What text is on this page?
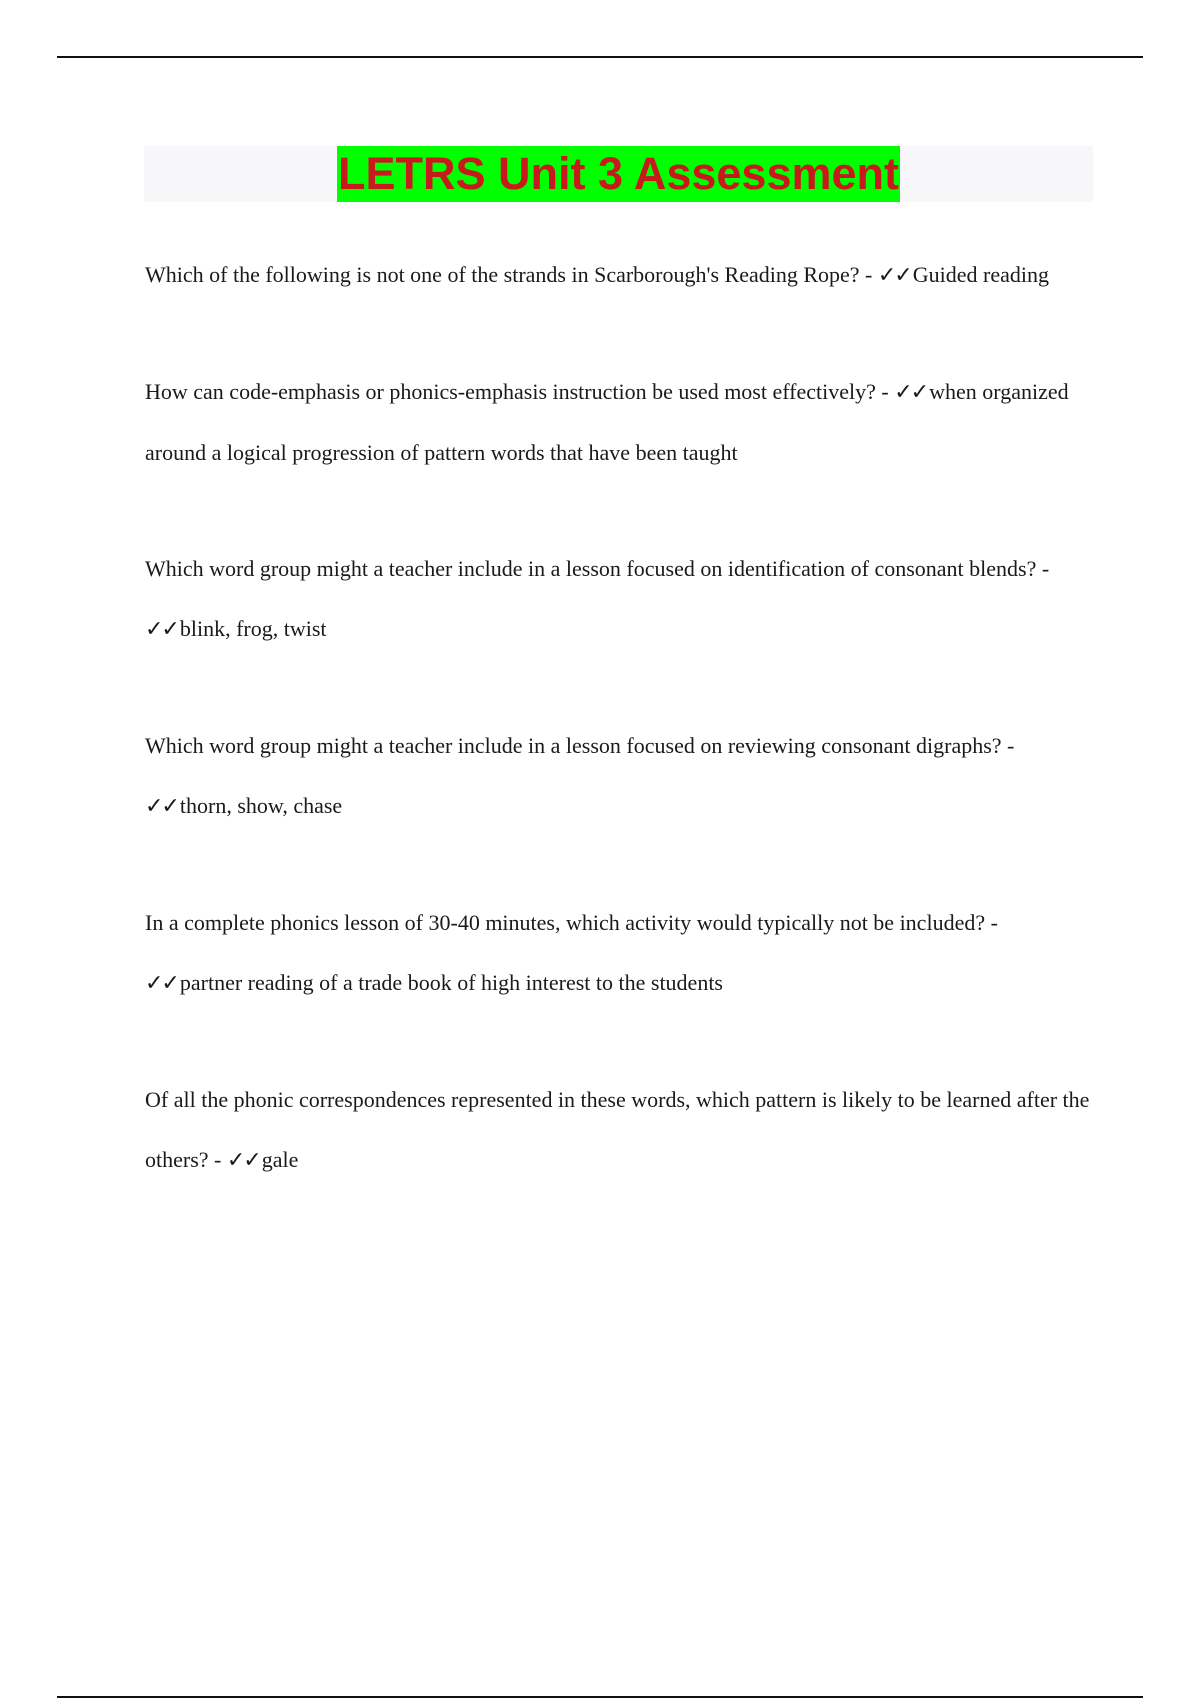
LETRS Unit 3 Assessment

Which of the following is not one of the strands in Scarborough's Reading Rope? - ✓✓Guided reading

How can code-emphasis or phonics-emphasis instruction be used most effectively? - ✓✓when organized around a logical progression of pattern words that have been taught

Which word group might a teacher include in a lesson focused on identification of consonant blends? - ✓✓blink, frog, twist

Which word group might a teacher include in a lesson focused on reviewing consonant digraphs? - ✓✓thorn, show, chase

In a complete phonics lesson of 30-40 minutes, which activity would typically not be included? - ✓✓partner reading of a trade book of high interest to the students

Of all the phonic correspondences represented in these words, which pattern is likely to be learned after the others? - ✓✓gale
